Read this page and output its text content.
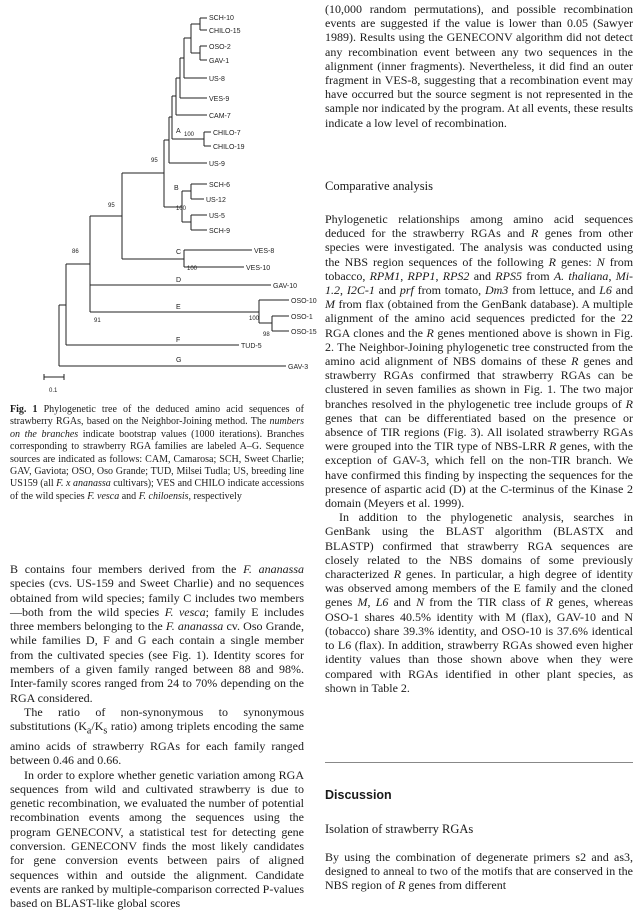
SCH-10
CHILO-15
OSO-2
GAV-1
US-8
VES-9
CAM-7
CHILO-7
CHILO-19
US-9
SCH-6
US-12
US-5
SCH-9
VES-8
VES-10
GAV-10
OSO-10
OSO-1
OSO-15
TUD-5
GAV-3
A
B
C
D
E
F
G
100
95
100
95
100
86
91	100
98
0.1
Fig. 1 Phylogenetic tree of the deduced amino acid sequences of strawberry RGAs, based on the Neighbor-Joining method. The numbers on the branches indicate bootstrap values (1000 iterations). Branches corresponding to strawberry RGA families are labeled A–G. Sequence sources are indicated as follows: CAM, Camarosa; SCH, Sweet Charlie; GAV, Gaviota; OSO, Oso Grande; TUD, Milsei Tudla; US, breeding line US159 (all F. x ananassa cultivars); VES and CHILO indicate accessions of the wild species F. vesca and F. chiloensis, respectively

B contains four members derived from the F. ananassa species (cvs. US-159 and Sweet Charlie) and no sequences obtained from wild species; family C includes two members—both from the wild species F. vesca; family E includes three members belonging to the F. ananassa cv. Oso Grande, while families D, F and G each contain a single member from the cultivated species (see Fig. 1). Identity scores for members of a given family ranged between 88 and 98%. Inter-family scores ranged from 24 to 70% depending on the RGA considered.

The ratio of non-synonymous to synonymous substitutions ($K_a/K_s$ ratio) among triplets encoding the same amino acids of strawberry RGAs for each family ranged between 0.46 and 0.66.

In order to explore whether genetic variation among RGA sequences from wild and cultivated strawberry is due to genetic recombination, we evaluated the number of potential recombination events among the sequences using the program GENECONV, a statistical test for detecting gene conversion. GENECONV finds the most likely candidates for gene conversion events between pairs of aligned sequences within and outside the alignment. Candidate events are ranked by multiple-comparison corrected P-values based on BLAST-like global scores

(10,000 random permutations), and possible recombination events are suggested if the value is lower than 0.05 (Sawyer 1989). Results using the GENECONV algorithm did not detect any recombination event between any two sequences in the alignment (inner fragments). Nevertheless, it did find an outer fragment in VES-8, suggesting that a recombination event may have occurred but the source segment is not represented in the sample nor indicated by the program. At all events, these results indicate a low level of recombination.
Comparative analysis

Phylogenetic relationships among amino acid sequences deduced for the strawberry RGAs and R genes from other species were investigated. The analysis was conducted using the NBS region sequences of the following R genes: N from tobacco, RPM1, RPP1, RPS2 and RPS5 from A. thaliana, Mi-1.2, I2C-1 and prf from tomato, Dm3 from lettuce, and L6 and M from flax (obtained from the GenBank database). A multiple alignment of the amino acid sequences predicted for the 22 RGA clones and the R genes mentioned above is shown in Fig. 2. The Neighbor-Joining phylogenetic tree constructed from the amino acid alignment of NBS domains of these R genes and strawberry RGAs confirmed that strawberry RGAs can be clustered in seven families as shown in Fig. 1. The two major branches resolved in the phylogenetic tree include groups of R genes that can be differentiated based on the presence or absence of TIR regions (Fig. 3). All isolated strawberry RGAs were grouped into the TIR type of NBS-LRR R genes, with the exception of GAV-3, which fell on the non-TIR branch. We have confirmed this finding by inspecting the sequences for the presence of aspartic acid (D) at the C-terminus of the Kinase 2 domain (Meyers et al. 1999).

In addition to the phylogenetic analysis, searches in GenBank using the BLAST algorithm (BLASTX and BLASTP) confirmed that strawberry RGA sequences are closely related to the NBS domains of some previously characterized R genes. In particular, a high degree of identity was observed among members of the E family and the cloned genes M, L6 and N from the TIR class of R genes, whereas OSO-1 shares 40.5% identity with M (flax), GAV-10 and N (tobacco) share 39.3% identity, and OSO-10 is 37.6% identical to L6 (flax). In addition, strawberry RGAs showed even higher identity values than those shown above when they were compared with RGAs identified in other plant species, as shown in Table 2.

Discussion
Isolation of strawberry RGAs
By using the combination of degenerate primers s2 and as3, designed to anneal to two of the motifs that are conserved in the NBS region of R genes from different
